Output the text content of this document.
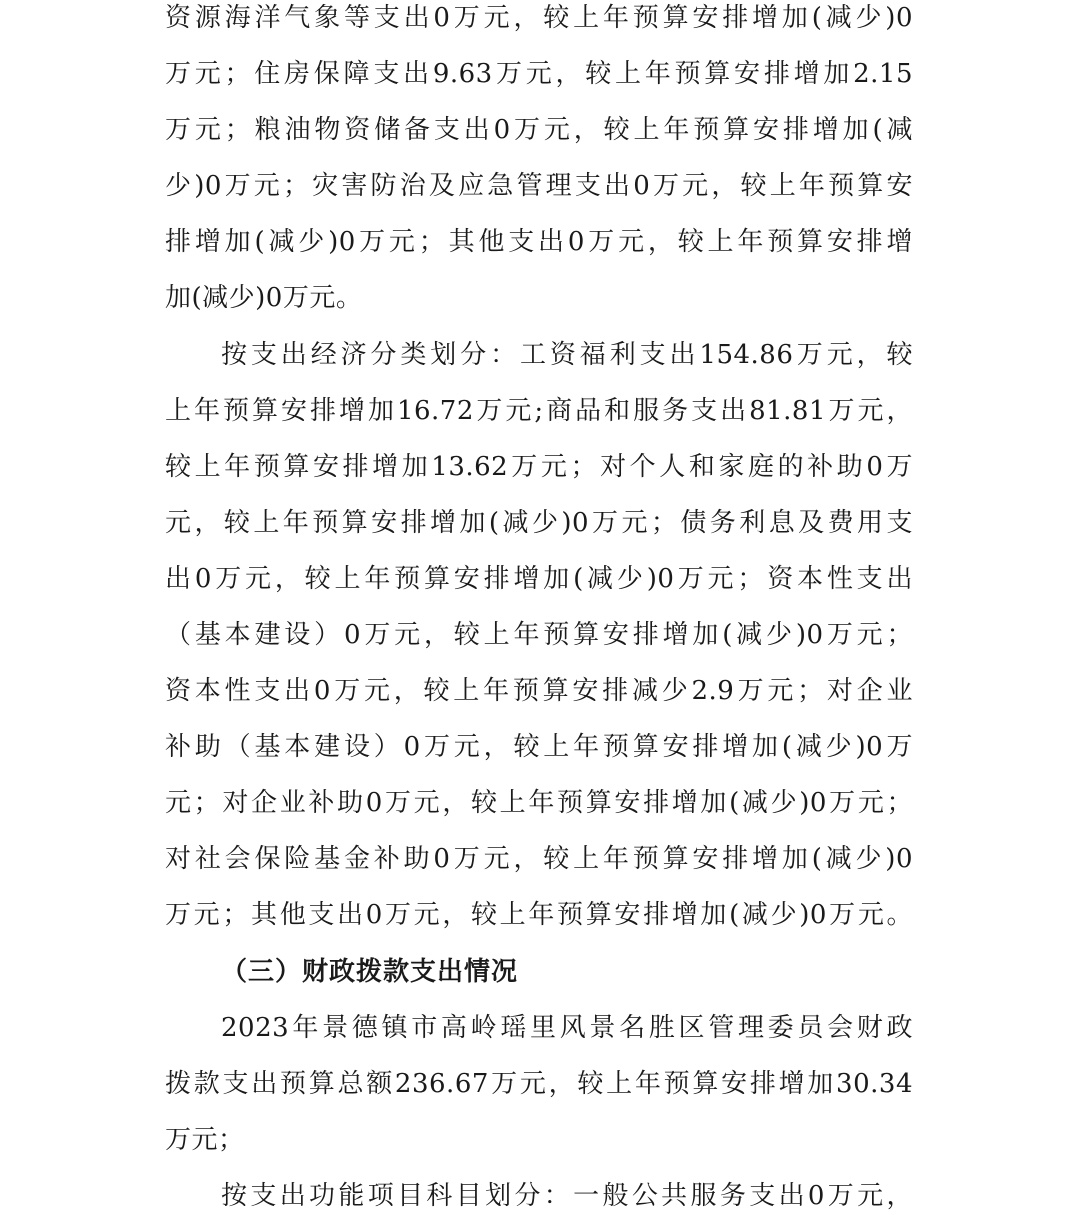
资源海洋气象等支出0万元，较上年预算安排增加(减少)0
万元；住房保障支出9.63万元，较上年预算安排增加2.15
万元；粮油物资储备支出0万元，较上年预算安排增加(减
少)0万元；灾害防治及应急管理支出0万元，较上年预算安
排增加(减少)0万元；其他支出0万元，较上年预算安排增
加(减少)0万元。
按支出经济分类划分：工资福利支出154.86万元，较
上年预算安排增加16.72万元;商品和服务支出81.81万元，
较上年预算安排增加13.62万元；对个人和家庭的补助0万
元，较上年预算安排增加(减少)0万元；债务利息及费用支
出0万元，较上年预算安排增加(减少)0万元；资本性支出
（基本建设）0万元，较上年预算安排增加(减少)0万元；
资本性支出0万元，较上年预算安排减少2.9万元；对企业
补助（基本建设）0万元，较上年预算安排增加(减少)0万
元；对企业补助0万元，较上年预算安排增加(减少)0万元；
对社会保险基金补助0万元，较上年预算安排增加(减少)0
万元；其他支出0万元，较上年预算安排增加(减少)0万元。
（三）财政拨款支出情况
2023年景德镇市高岭瑶里风景名胜区管理委员会财政
拨款支出预算总额236.67万元，较上年预算安排增加30.34
万元；
按支出功能项目科目划分：一般公共服务支出0万元，
